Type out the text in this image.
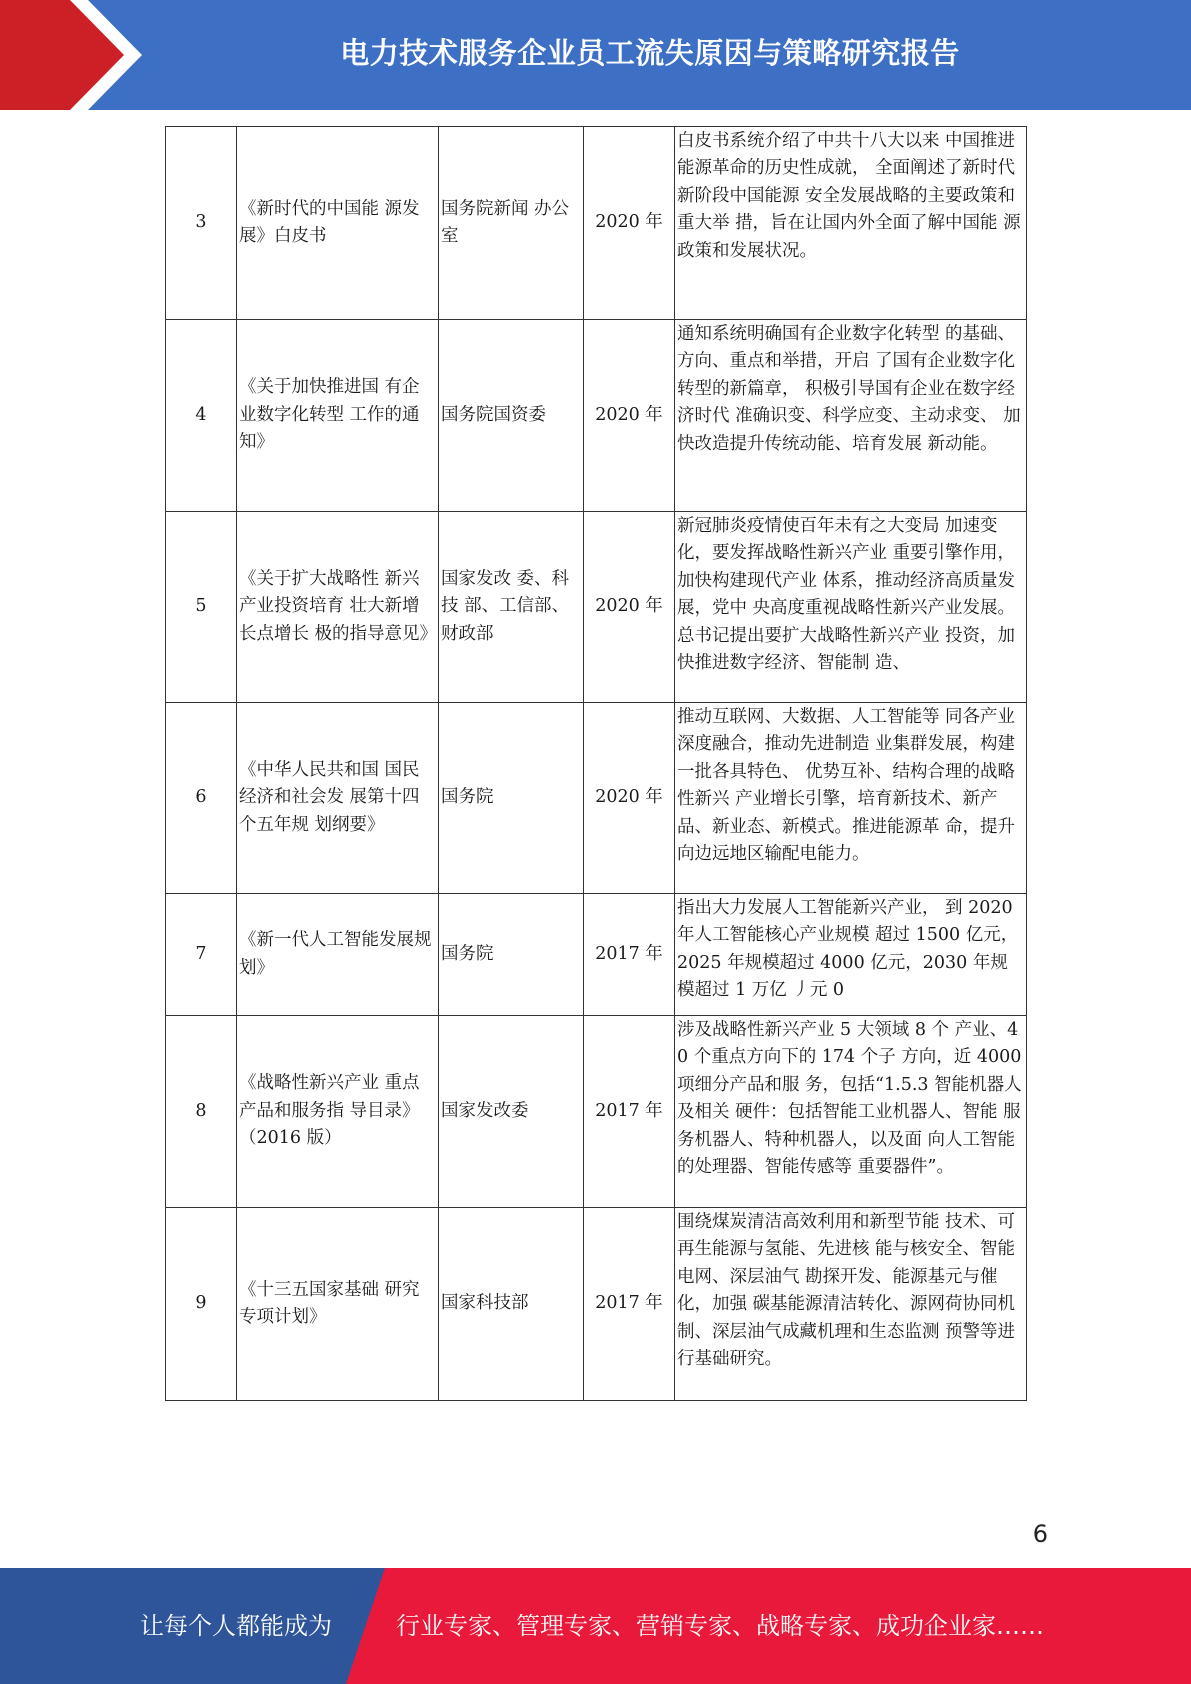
电力技术服务企业员工流失原因与策略研究报告
3	《新时代的中国能 源发展》白皮书	国务院新闻 办公室	2020 年	白皮书系统介绍了中共十八大以来 中国推进能源革命的历史性成就， 全面阐述了新时代新阶段中国能源 安全发展战略的主要政策和重大举 措，旨在让国内外全面了解中国能 源政策和发展状况。

4	《关于加快推进国 有企业数字化转型 工作的通知》	国务院国资委	2020 年	通知系统明确国有企业数字化转型 的基础、方向、重点和举措，开启 了国有企业数字化转型的新篇章， 积极引导国有企业在数字经济时代 准确识变、科学应变、主动求变、 加快改造提升传统动能、培育发展 新动能。

5	《关于扩大战略性 新兴产业投资培育 壮大新增长点增长 极的指导意见》	国家发改 委、科技 部、工信部、财政部	2020 年	新冠肺炎疫情使百年未有之大变局 加速变化，要发挥战略性新兴产业 重要引擎作用，加快构建现代产业 体系，推动经济高质量发展，党中 央高度重视战略性新兴产业发展。 总书记提出要扩大战略性新兴产业 投资，加快推进数字经济、智能制 造、

6	《中华人民共和国 国民经济和社会发 展第十四个五年规 划纲要》	国务院	2020 年	推动互联网、大数据、人工智能等 同各产业深度融合，推动先进制造 业集群发展，构建一批各具特色、 优势互补、结构合理的战略性新兴 产业增长引擎，培育新技术、新产 品、新业态、新模式。推进能源革 命，提升向边远地区输配电能力。

7	《新一代人工智能发展规划》	国务院	2017 年	指出大力发展人工智能新兴产业， 到 2020 年人工智能核心产业规模 超过 1500 亿元，2025 年规模超过 4000 亿元，2030 年规模超过 1 万亿 丿元 0

8	《战略性新兴产业 重点产品和服务指 导目录》（2016 版）	国家发改委	2017 年	涉及战略性新兴产业 5 大领域 8 个 产业、40 个重点方向下的 174 个子 方向，近 4000 项细分产品和服 务，包括“1.5.3 智能机器人及相关 硬件：包括智能工业机器人、智能 服务机器人、特种机器人，以及面 向人工智能的处理器、智能传感等 重要器件”。

9	《十三五国家基础 研究专项计划》	国家科技部	2017 年	围绕煤炭清洁高效利用和新型节能 技术、可再生能源与氢能、先进核 能与核安全、智能电网、深层油气 勘探开发、能源基元与催化，加强 碳基能源清洁转化、源网荷协同机制、深层油气成藏机理和生态监测 预警等进行基础研究。
6
让每个人都能成为	行业专家、管理专家、营销专家、战略专家、成功企业家……
